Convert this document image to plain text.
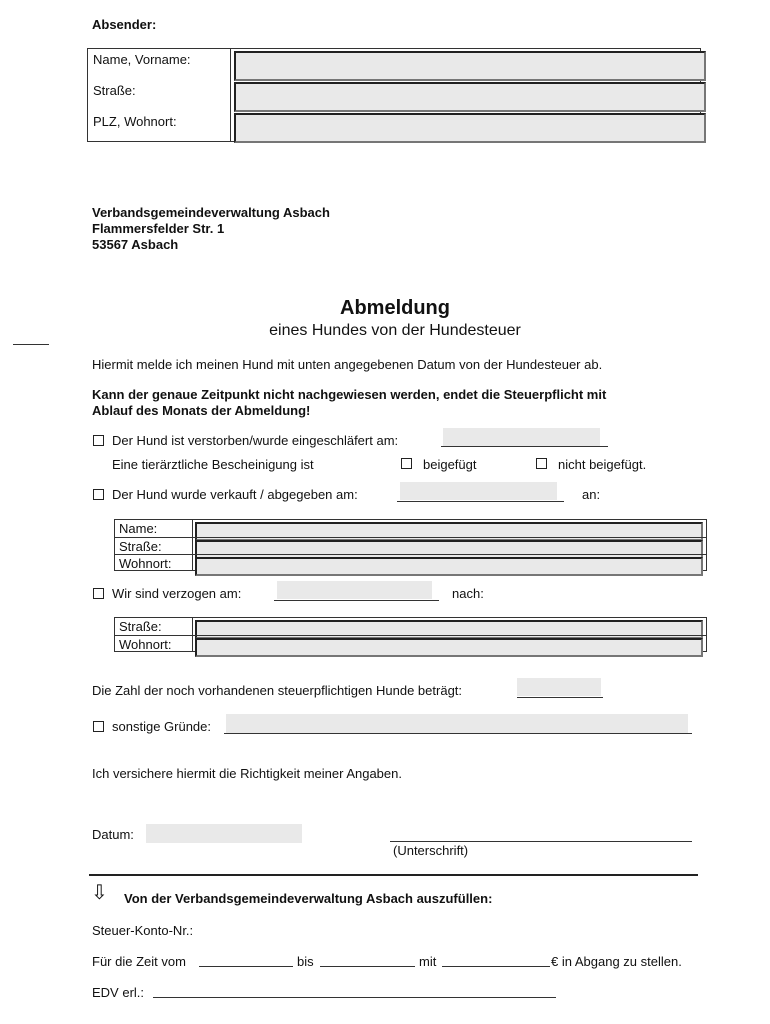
Absender:
Name, Vorname:
Straße:
PLZ, Wohnort:
Verbandsgemeindeverwaltung Asbach
Flammersfelder Str. 1
53567 Asbach
Abmeldung
eines Hundes von der Hundesteuer
Hiermit melde ich meinen Hund mit unten angegebenen Datum von der Hundesteuer ab.
Kann der genaue Zeitpunkt nicht nachgewiesen werden, endet die Steuerpflicht mit
Ablauf des Monats der Abmeldung!
Der Hund ist verstorben/wurde eingeschläfert am:
Eine tierärztliche Bescheinigung ist	beigefügt	nicht beigefügt.
Der Hund wurde verkauft / abgegeben am:	an:
Name:
Straße:
Wohnort:
Wir sind verzogen am:	nach:
Straße:
Wohnort:
Die Zahl der noch vorhandenen steuerpflichtigen Hunde beträgt:
sonstige Gründe:
Ich versichere hiermit die Richtigkeit meiner Angaben.
Datum:
(Unterschrift)
⇩ Von der Verbandsgemeindeverwaltung Asbach auszufüllen:
Steuer-Konto-Nr.:
Für die Zeit vom	bis	mit	€ in Abgang zu stellen.
EDV erl.:
